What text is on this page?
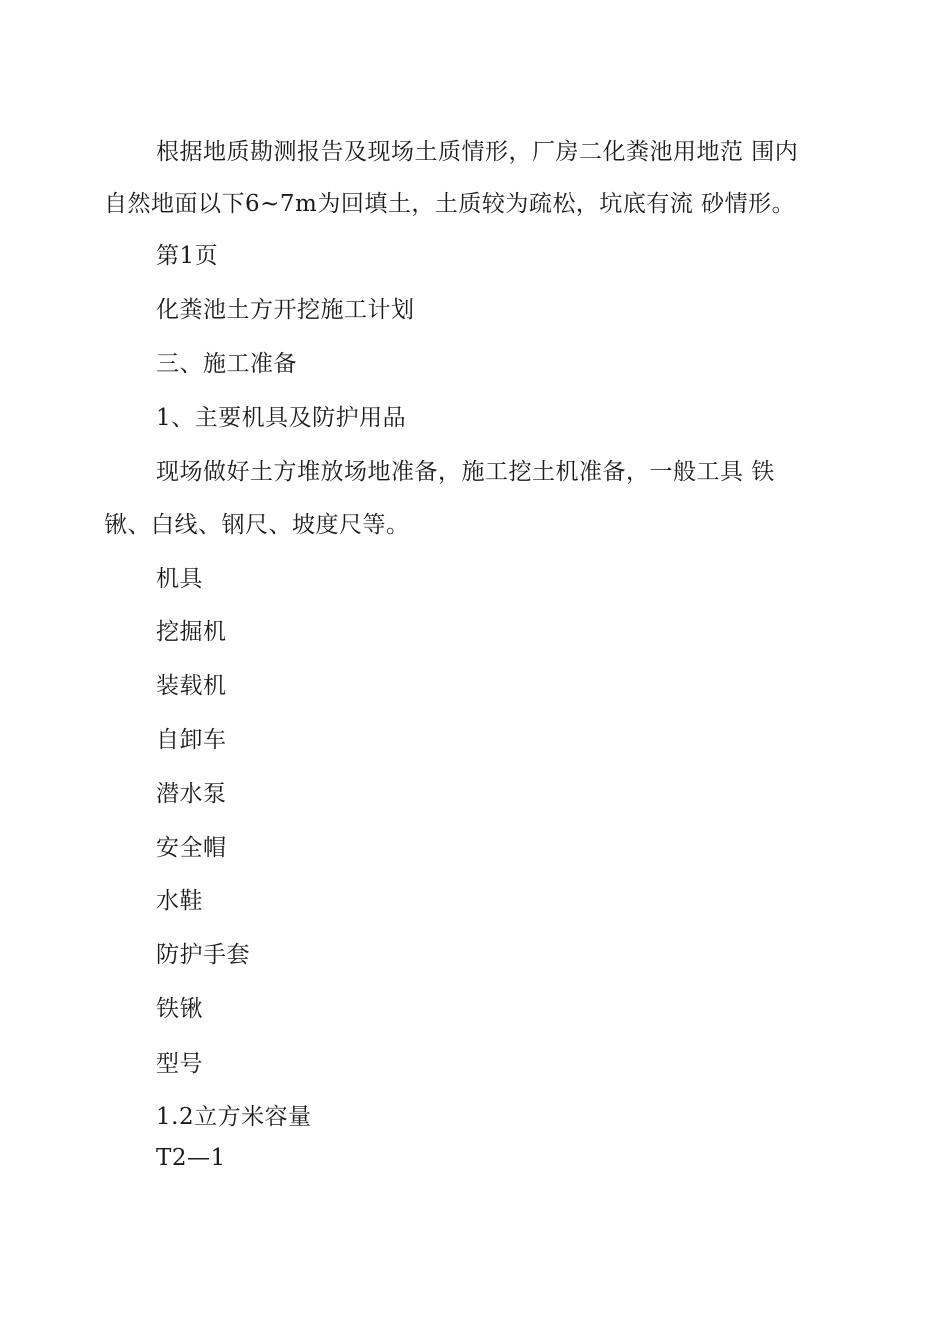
根据地质勘测报告及现场土质情形，厂房二化粪池用地范 围内
自然地面以下6~7m为回填土，土质较为疏松，坑底有流 砂情形。
第1页
化粪池土方开挖施工计划
三、施工准备
1、主要机具及防护用品
现场做好土方堆放场地准备，施工挖土机准备，一般工具 铁
锹、白线、钢尺、坡度尺等。
机具
挖掘机
装载机
自卸车
潜水泵
安全帽
水鞋
防护手套
铁锹
型号
1.2立方米容量
T2—1
